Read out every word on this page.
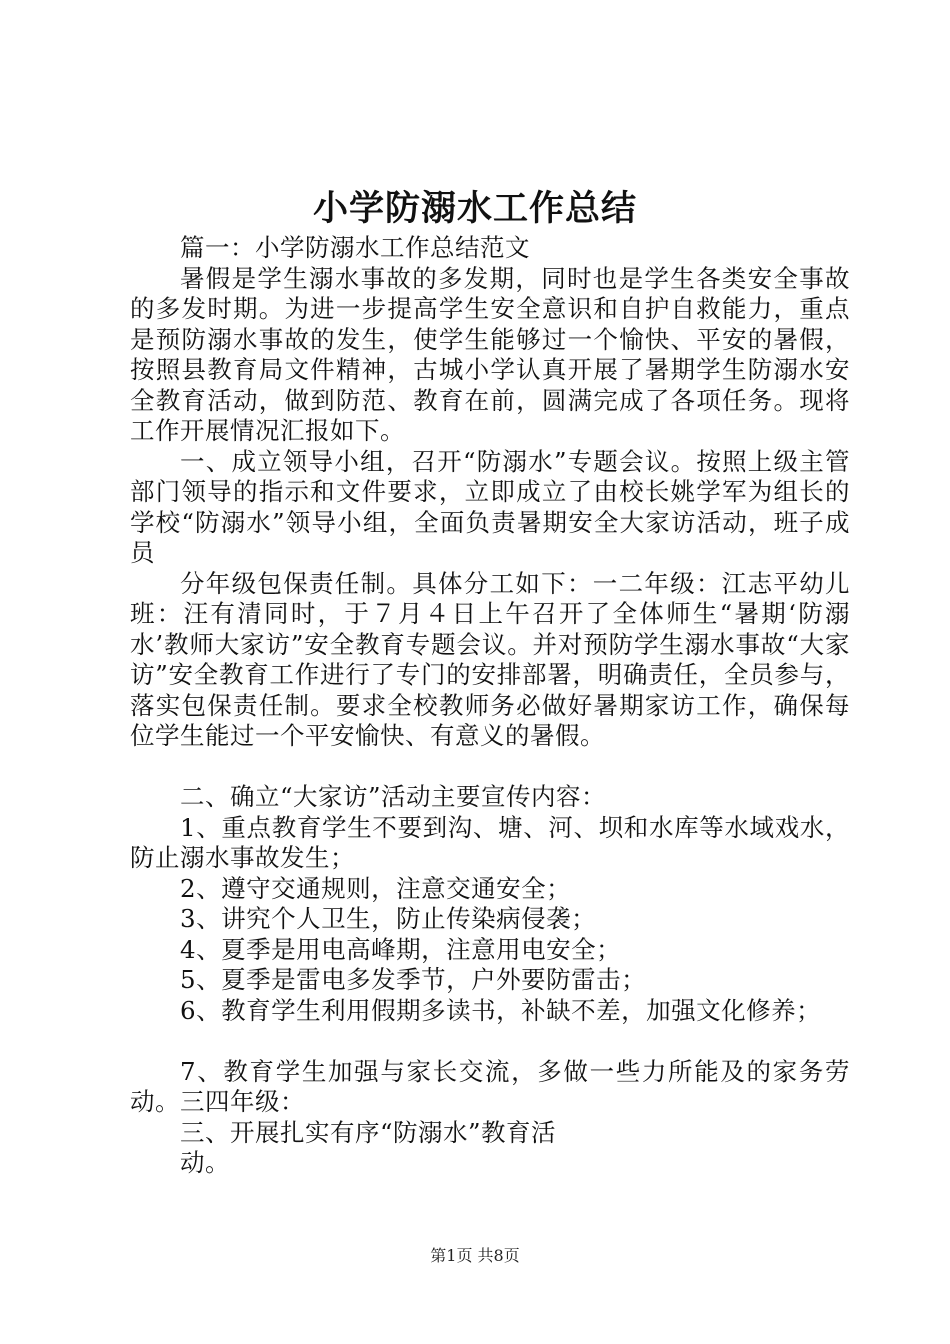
小学防溺水工作总结

篇一：小学防溺水工作总结范文

暑假是学生溺水事故的多发期，同时也是学生各类安全事故的多发时期。为进一步提高学生安全意识和自护自救能力，重点是预防溺水事故的发生，使学生能够过一个愉快、平安的暑假，按照县教育局文件精神，古城小学认真开展了暑期学生防溺水安全教育活动，做到防范、教育在前，圆满完成了各项任务。现将工作开展情况汇报如下。

一、成立领导小组，召开“防溺水”专题会议。按照上级主管部门领导的指示和文件要求，立即成立了由校长姚学军为组长的学校“防溺水”领导小组，全面负责暑期安全大家访活动，班子成员

分年级包保责任制。具体分工如下：一二年级：江志平幼儿班：汪有清同时，于７月４日上午召开了全体师生“暑期‘防溺水’教师大家访”安全教育专题会议。并对预防学生溺水事故“大家访”安全教育工作进行了专门的安排部署，明确责任，全员参与，落实包保责任制。要求全校教师务必做好暑期家访工作，确保每位学生能过一个平安愉快、有意义的暑假。

二、确立“大家访”活动主要宣传内容：

1、重点教育学生不要到沟、塘、河、坝和水库等水域戏水，防止溺水事故发生；

2、遵守交通规则，注意交通安全；

3、讲究个人卫生，防止传染病侵袭；

4、夏季是用电高峰期，注意用电安全；

5、夏季是雷电多发季节，户外要防雷击；

6、教育学生利用假期多读书，补缺不差，加强文化修养；

7、教育学生加强与家长交流，多做一些力所能及的家务劳动。三四年级：

三、开展扎实有序“防溺水”教育活

动。

第1页 共8页
